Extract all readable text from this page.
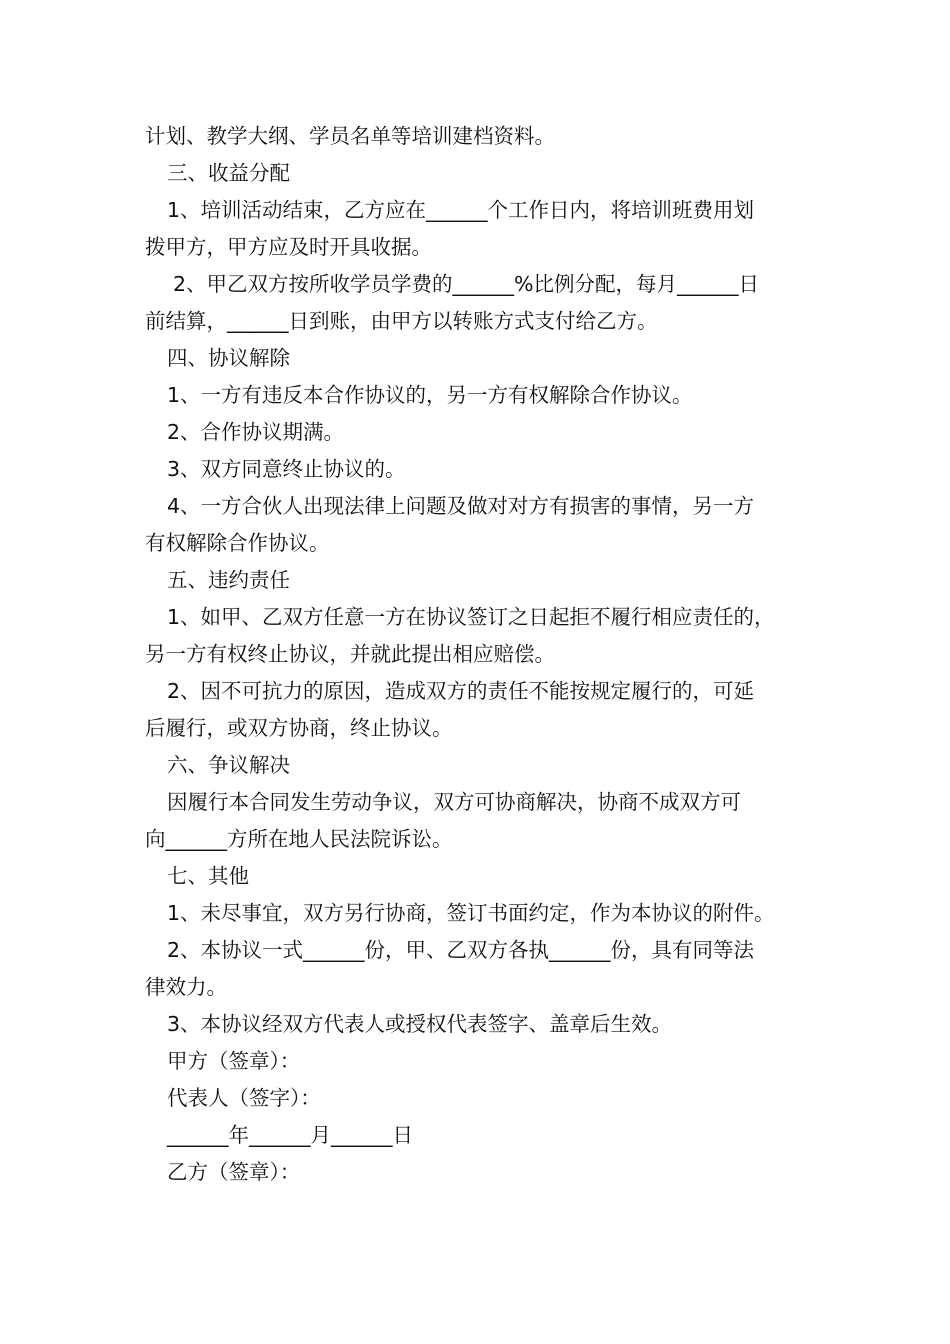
计划、教学大纲、学员名单等培训建档资料。
三、收益分配
1、培训活动结束，乙方应在______个工作日内，将培训班费用划
拨甲方，甲方应及时开具收据。
2、甲乙双方按所收学员学费的______%比例分配，每月______日
前结算，______日到账，由甲方以转账方式支付给乙方。
四、协议解除
1、一方有违反本合作协议的，另一方有权解除合作协议。
2、合作协议期满。
3、双方同意终止协议的。
4、一方合伙人出现法律上问题及做对对方有损害的事情，另一方
有权解除合作协议。
五、违约责任
1、如甲、乙双方任意一方在协议签订之日起拒不履行相应责任的，
另一方有权终止协议，并就此提出相应赔偿。
2、因不可抗力的原因，造成双方的责任不能按规定履行的，可延
后履行，或双方协商，终止协议。
六、争议解决
因履行本合同发生劳动争议，双方可协商解决，协商不成双方可
向______方所在地人民法院诉讼。
七、其他
1、未尽事宜，双方另行协商，签订书面约定，作为本协议的附件。
2、本协议一式______份，甲、乙双方各执______份，具有同等法
律效力。
3、本协议经双方代表人或授权代表签字、盖章后生效。
甲方（签章）：
代表人（签字）：
______年______月______日
乙方（签章）：
